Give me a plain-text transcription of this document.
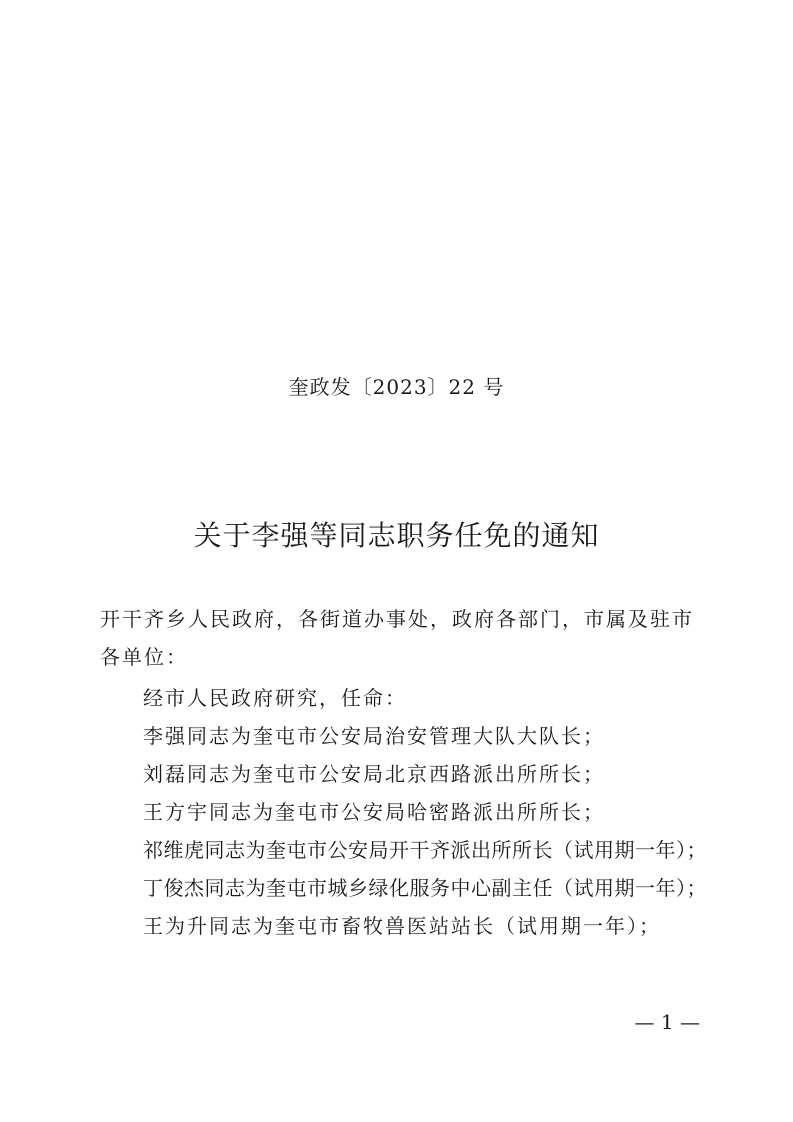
奎政发〔2023〕22 号
关于李强等同志职务任免的通知
开干齐乡人民政府，各街道办事处，政府各部门，市属及驻市各单位：
经市人民政府研究，任命：
李强同志为奎屯市公安局治安管理大队大队长；
刘磊同志为奎屯市公安局北京西路派出所所长；
王方宇同志为奎屯市公安局哈密路派出所所长；
祁维虎同志为奎屯市公安局开干齐派出所所长（试用期一年）；
丁俊杰同志为奎屯市城乡绿化服务中心副主任（试用期一年）；
王为升同志为奎屯市畜牧兽医站站长（试用期一年）；
— 1 —
